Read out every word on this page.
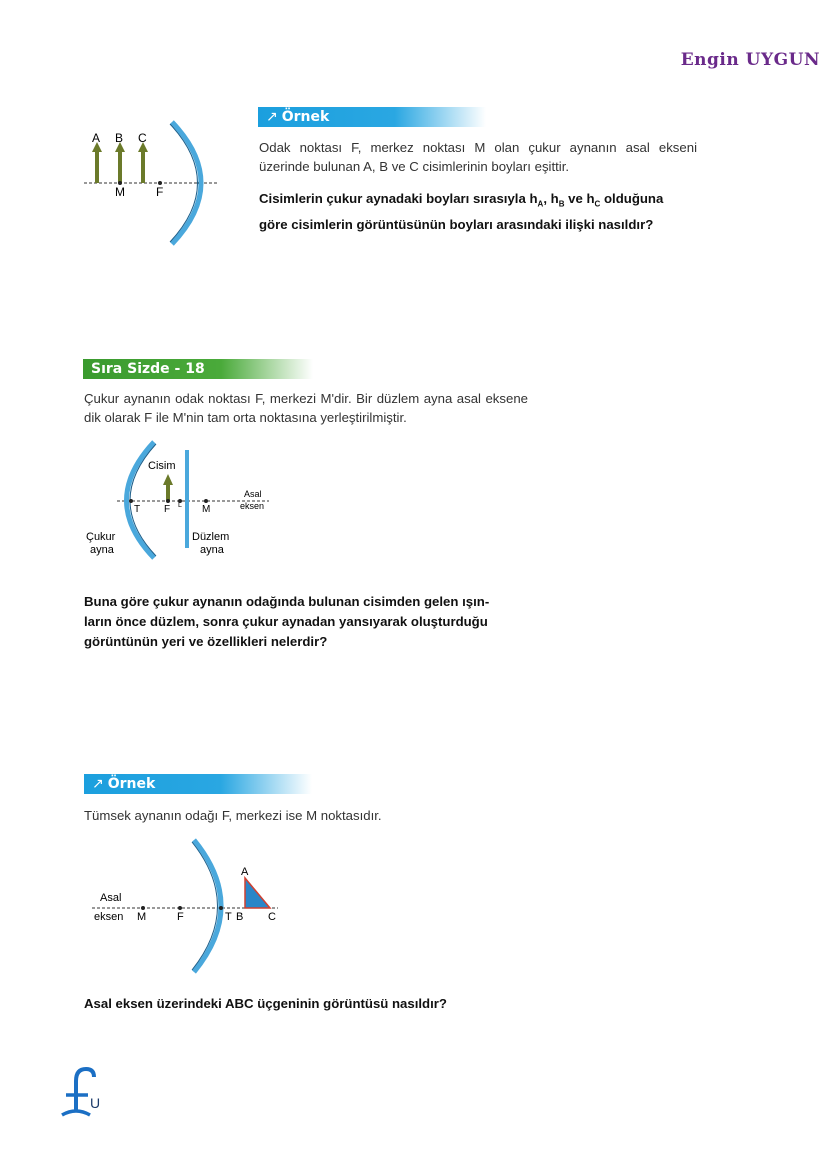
Engin UYGUN
A B C
M	F
↗ Örnek
Odak noktası F, merkez noktası M olan çukur aynanın asal ekseni üzerinde bulunan A, B ve C cisimlerinin boyları eşittir.
Cisimlerin çukur aynadaki boyları sırasıyla $h_A$, $h_B$ ve $h_C$ olduğuna
göre cisimlerin görüntüsünün boyları arasındaki ilişki nasıldır?
Sıra Sizde - 18
Çukur aynanın odak noktası F, merkezi M'dir. Bir düzlem ayna asal eksene dik olarak F ile M'nin tam orta noktasına yerleştirilmiştir.
Cisim
T F L M
Asal
eksen
Çukur
ayna
Düzlem
ayna
Buna göre çukur aynanın odağında bulunan cisimden gelen ışın-
ların önce düzlem, sonra çukur aynadan yansıyarak oluşturduğu
görüntünün yeri ve özellikleri nelerdir?
↗ Örnek
Tümsek aynanın odağı F, merkezi ise M noktasıdır.
Asal
eksen M	F	T
A
B C
Asal eksen üzerindeki ABC üçgeninin görüntüsü nasıldır?
U
